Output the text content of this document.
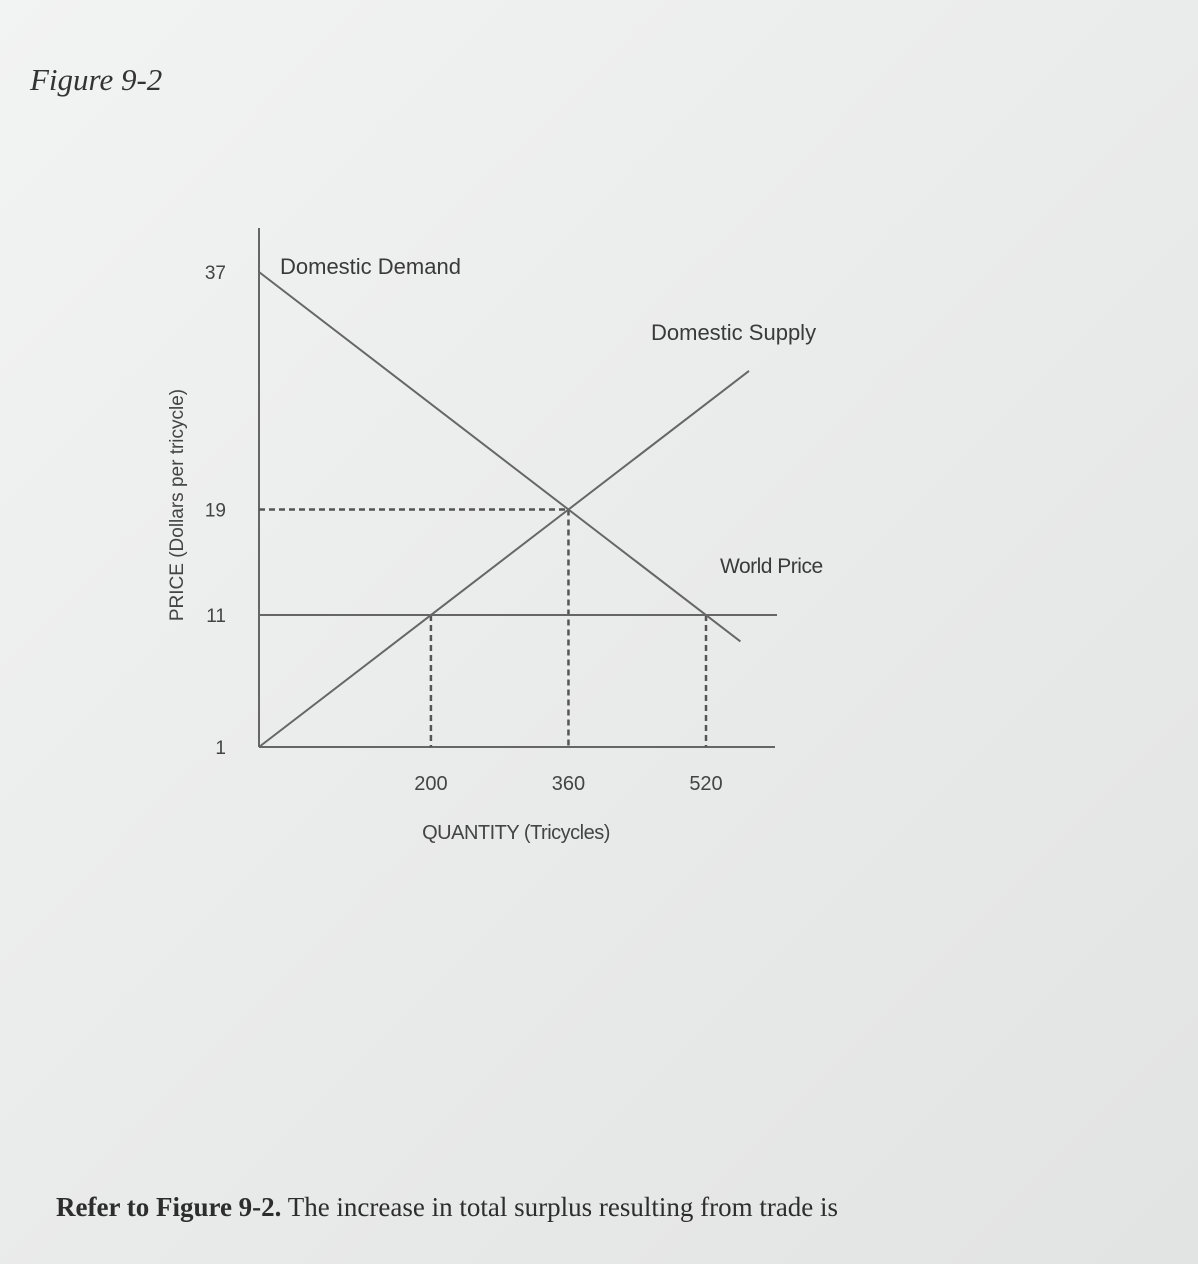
Figure 9-2
37
19
11
1
200	360	520
PRICE (Dollars per tricycle)
QUANTITY (Tricycles)
Domestic Demand
Domestic Supply
World Price
Refer to Figure 9-2. The increase in total surplus resulting from trade is
